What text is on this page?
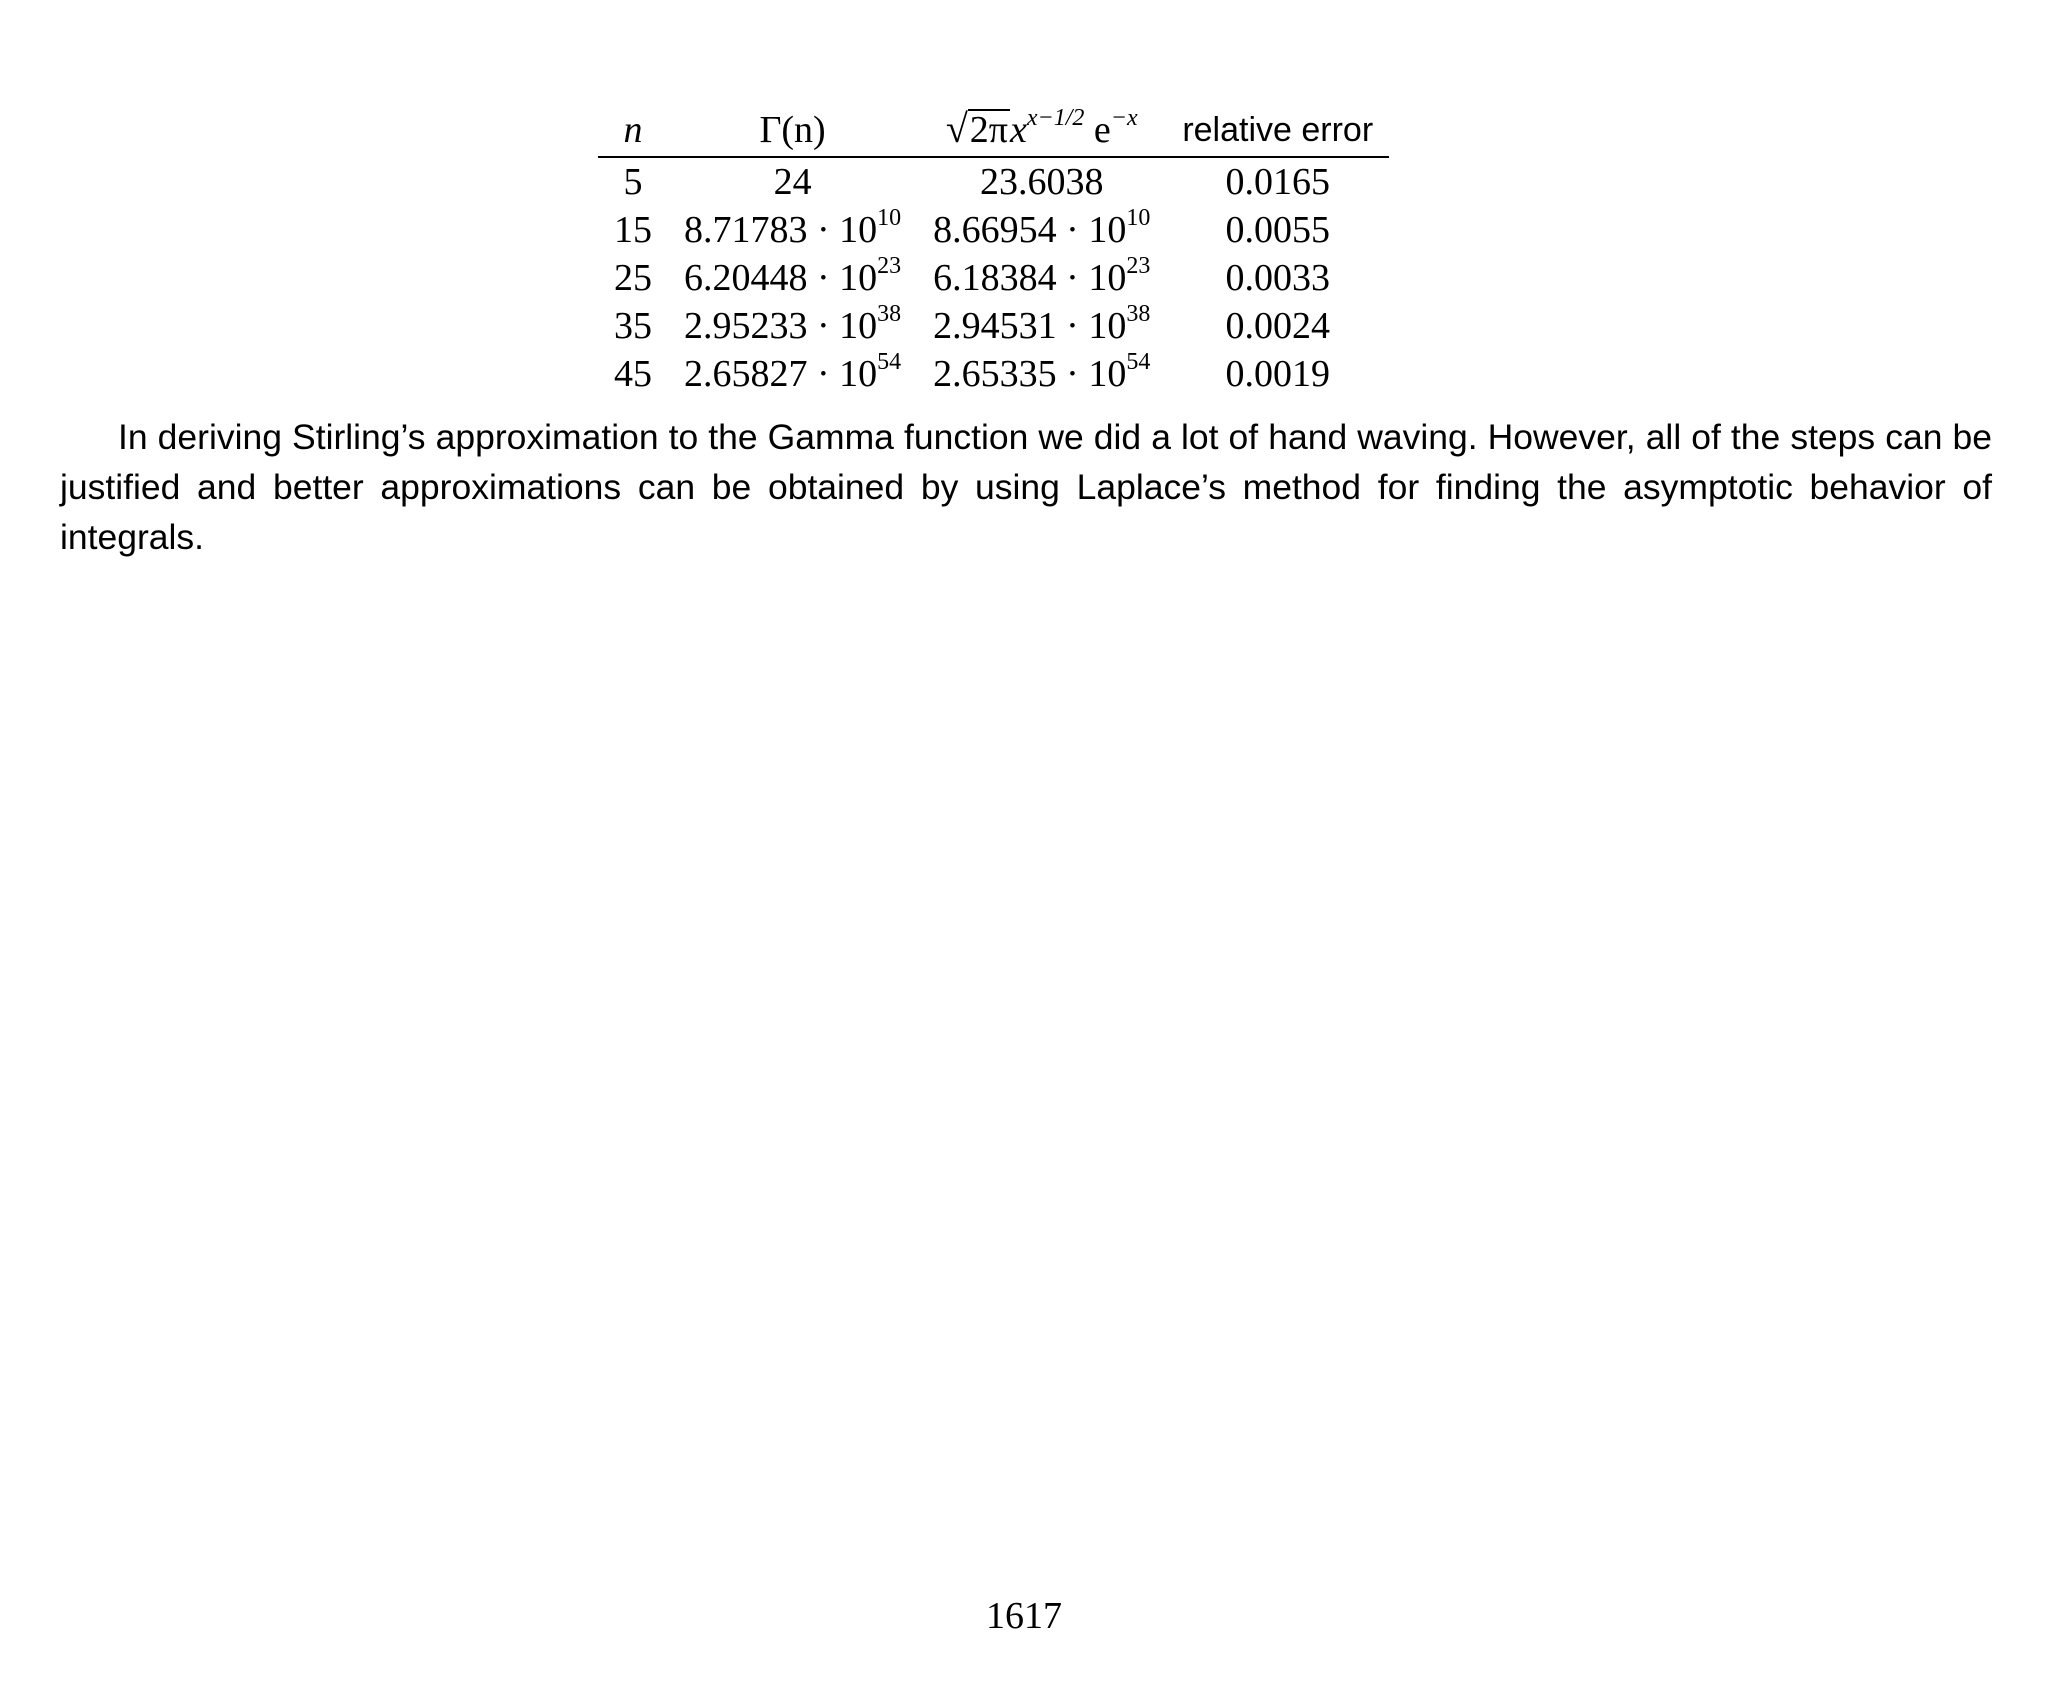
n	Γ(n)	$√2\pi x^{x-1/2}$ $e^{-x}$	relative error
5	24	23.6038	0.0165
15	$8.71783 \cdot 10^{10}$	$8.66954 \cdot 10^{10}$	0.0055
25	$6.20448 \cdot 10^{23}$	$6.18384 \cdot 10^{23}$	0.0033
35	$2.95233 \cdot 10^{38}$	$2.94531 \cdot 10^{38}$	0.0024
45	$2.65827 \cdot 10^{54}$	$2.65335 \cdot 10^{54}$	0.0019

In deriving Stirling’s approximation to the Gamma function we did a lot of hand waving. However, all of the steps can be justified and better approximations can be obtained by using Laplace’s method for finding the asymptotic behavior of integrals.

1617
